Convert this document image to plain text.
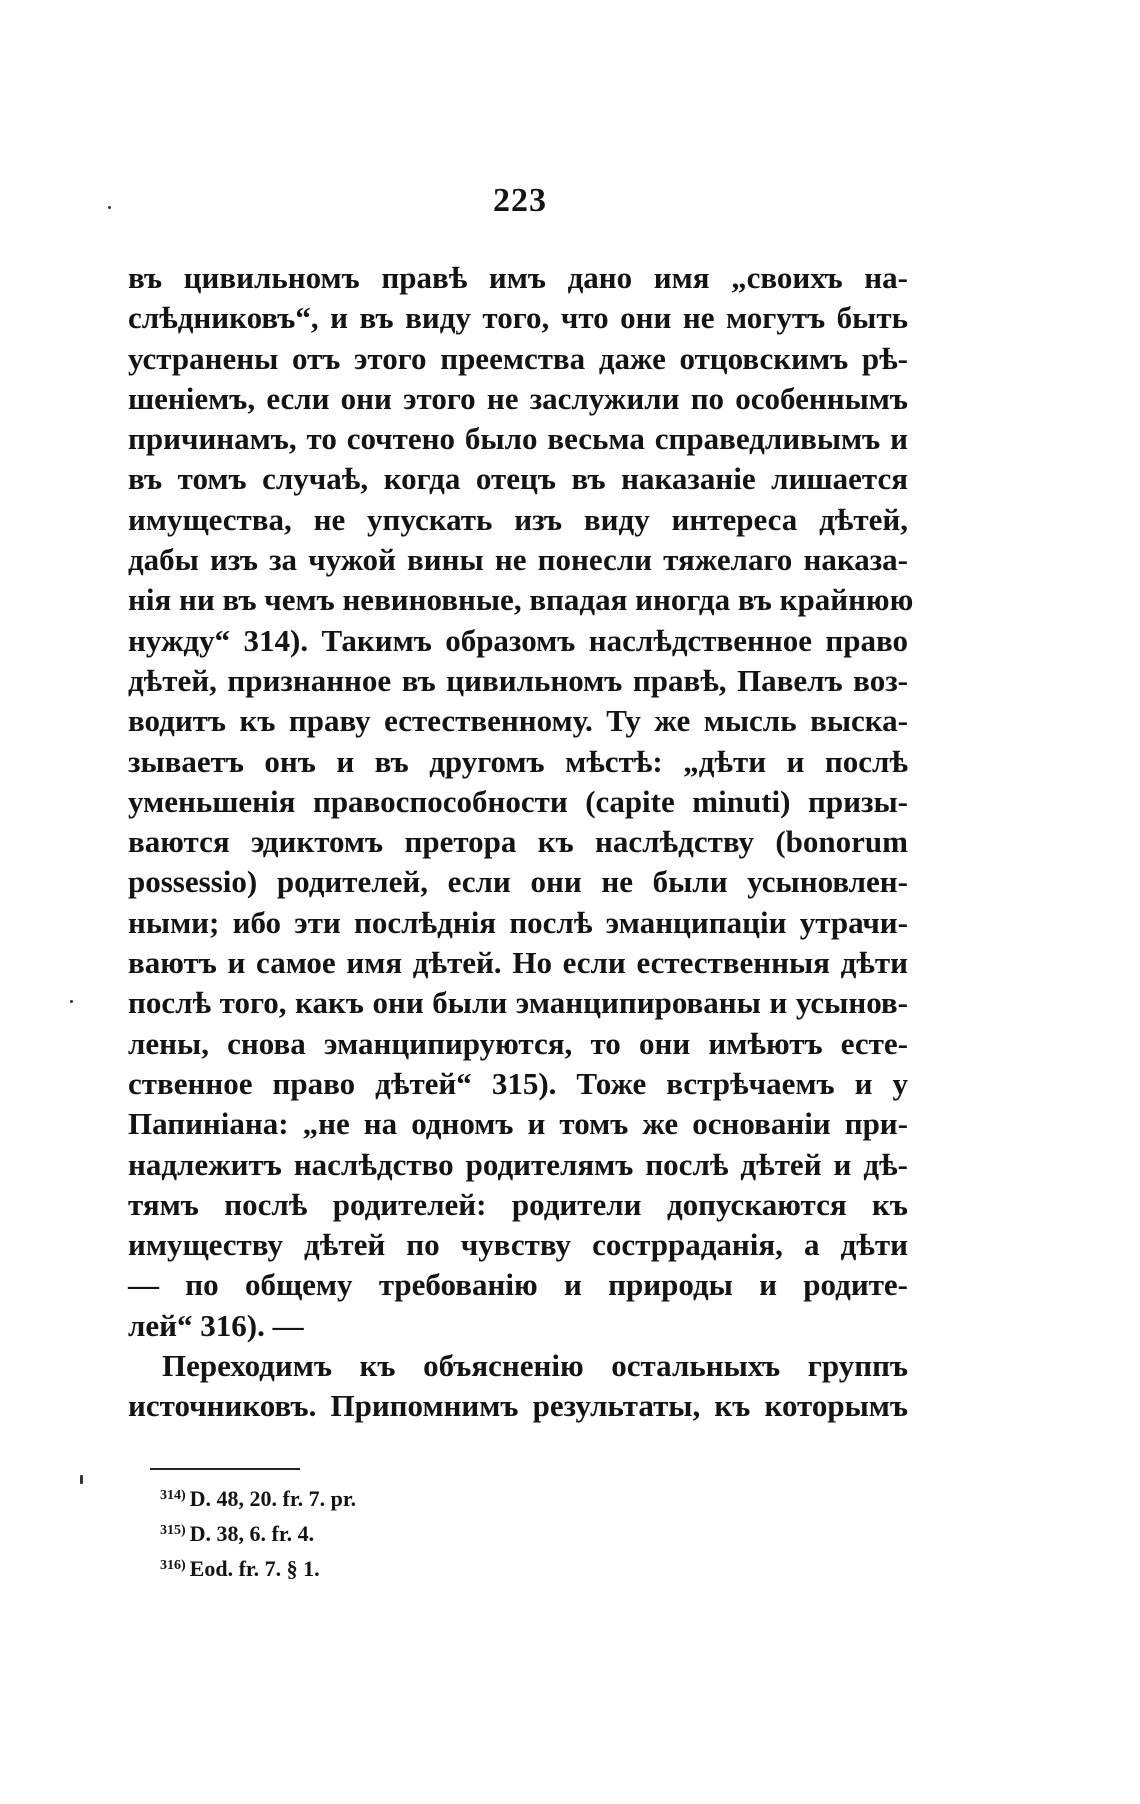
223
въ цивильномъ правѣ имъ дано имя „своихъ на-
слѣдниковъ“, и въ виду того, что они не могутъ быть
устранены отъ этого преемства даже отцовскимъ рѣ-
шеніемъ, если они этого не заслужили по особеннымъ
причинамъ, то сочтено было весьма справедливымъ и
въ томъ случаѣ, когда отецъ въ наказаніе лишается
имущества, не упускать изъ виду интереса дѣтей,
дабы изъ за чужой вины не понесли тяжелаго наказа-
нія ни въ чемъ невиновные, впадая иногда въ крайнюю
нужду“ 314). Такимъ образомъ наслѣдственное право
дѣтей, признанное въ цивильномъ правѣ, Павелъ воз-
водитъ къ праву естественному. Ту же мысль выска-
зываетъ онъ и въ другомъ мѣстѣ: „дѣти и послѣ
уменьшенія правоспособности (capite minuti) призы-
ваются эдиктомъ претора къ наслѣдству (bonorum
possessio) родителей, если они не были усыновлен-
ными; ибо эти послѣднія послѣ эманципаціи утрачи-
ваютъ и самое имя дѣтей. Но если естественныя дѣти
послѣ того, какъ они были эманципированы и усынов-
лены, снова эманципируются, то они имѣютъ есте-
ственное право дѣтей“ 315). Тоже встрѣчаемъ и у
Папиніана: „не на одномъ и томъ же основаніи при-
надлежитъ наслѣдство родителямъ послѣ дѣтей и дѣ-
тямъ послѣ родителей: родители допускаются къ
имуществу дѣтей по чувству сострраданія, а дѣти
— по общему требованію и природы и родите-
лей“ 316). —
Переходимъ къ объясненію остальныхъ группъ
источниковъ. Припомнимъ результаты, къ которымъ
$^{314)}$ D. 48, 20. fr. 7. pr.
$^{315)}$ D. 38, 6. fr. 4.
$^{316)}$ Eod. fr. 7. § 1.
